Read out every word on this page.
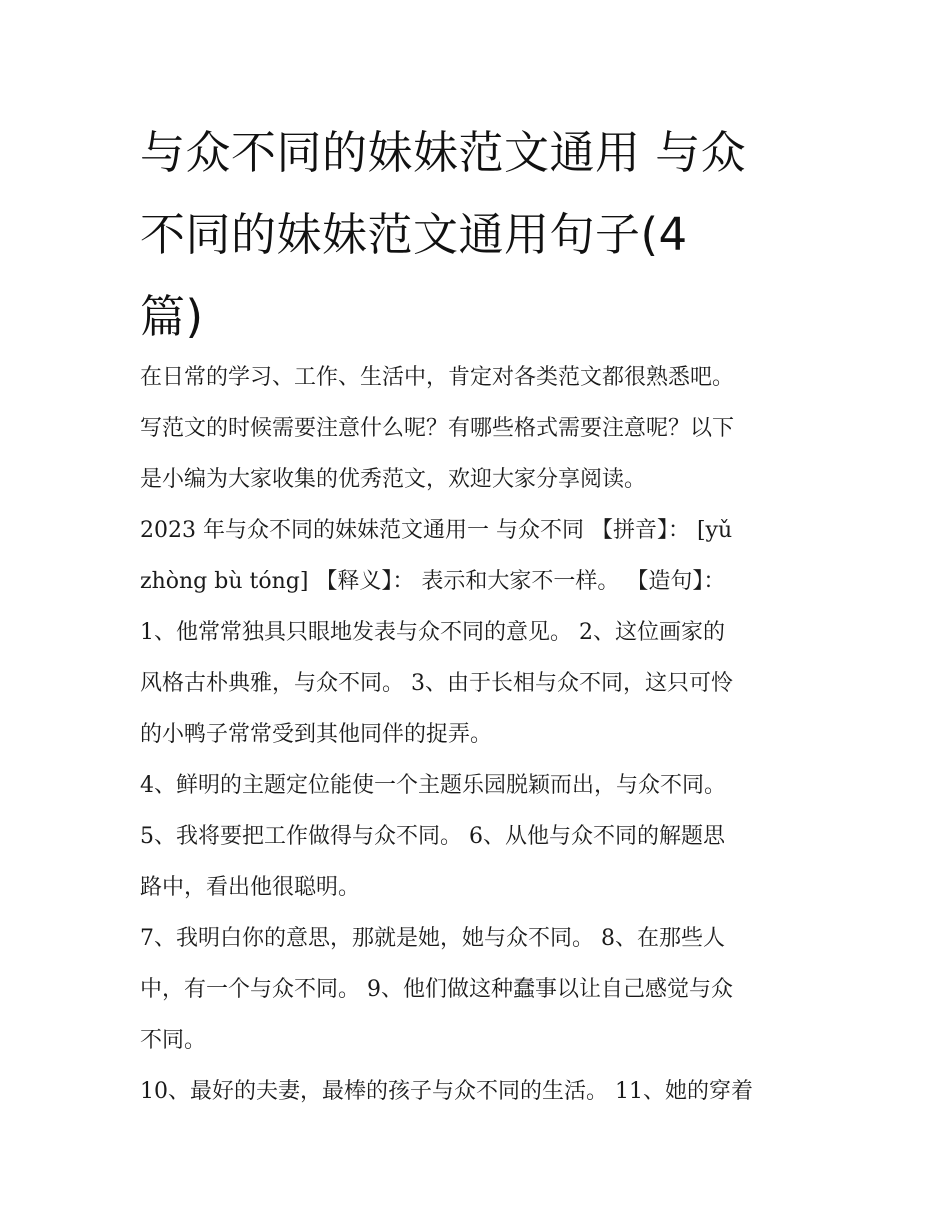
与众不同的妹妹范文通用 与众
不同的妹妹范文通用句子(4
篇)
在日常的学习、工作、生活中，肯定对各类范文都很熟悉吧。
写范文的时候需要注意什么呢？有哪些格式需要注意呢？以下
是小编为大家收集的优秀范文，欢迎大家分享阅读。
2023 年与众不同的妹妹范文通用一 与众不同 【拼音】： [yǔ
zhòng bù tóng] 【释义】： 表示和大家不一样。 【造句】：
1、他常常独具只眼地发表与众不同的意见。 2、这位画家的
风格古朴典雅，与众不同。 3、由于长相与众不同，这只可怜
的小鸭子常常受到其他同伴的捉弄。
4、鲜明的主题定位能使一个主题乐园脱颖而出，与众不同。
5、我将要把工作做得与众不同。 6、从他与众不同的解题思
路中，看出他很聪明。
7、我明白你的意思，那就是她，她与众不同。 8、在那些人
中，有一个与众不同。 9、他们做这种蠢事以让自己感觉与众
不同。
10、最好的夫妻，最棒的孩子与众不同的生活。 11、她的穿着
